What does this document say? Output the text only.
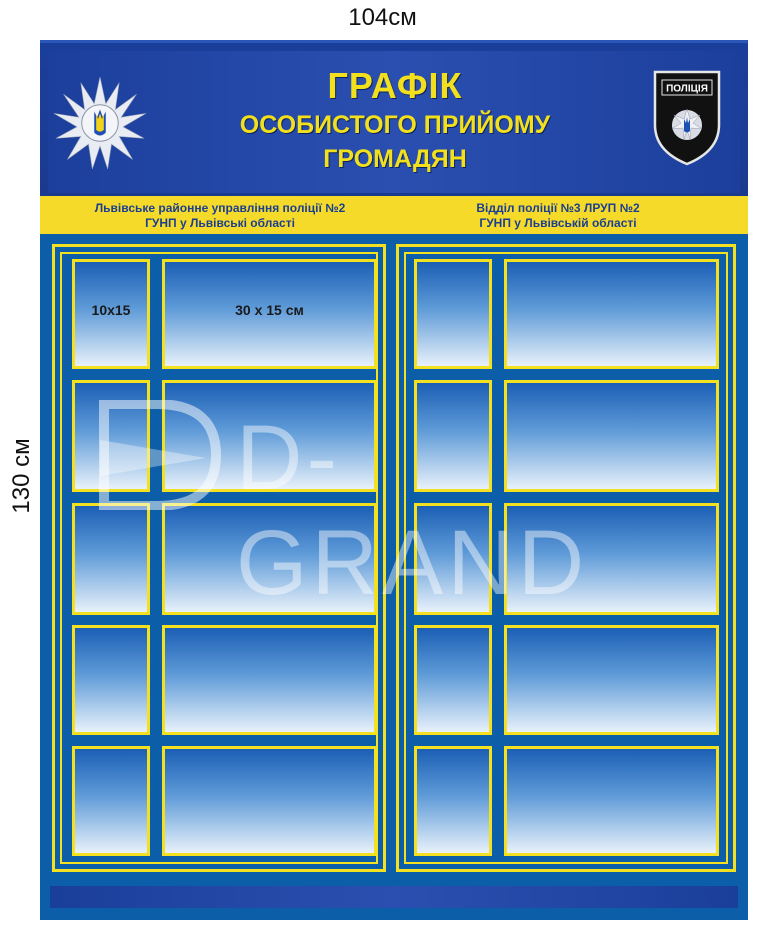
104см
130 см
ГРАФІК
ОСОБИСТОГО ПРИЙОМУ
ГРОМАДЯН
ПОЛІЦІЯ
Львівське районне управління поліції №2
ГУНП у Львівські області
Відділ поліції №3 ЛРУП №2
ГУНП у Львівській області
10x15	30 x 15 см
D-GRAND
